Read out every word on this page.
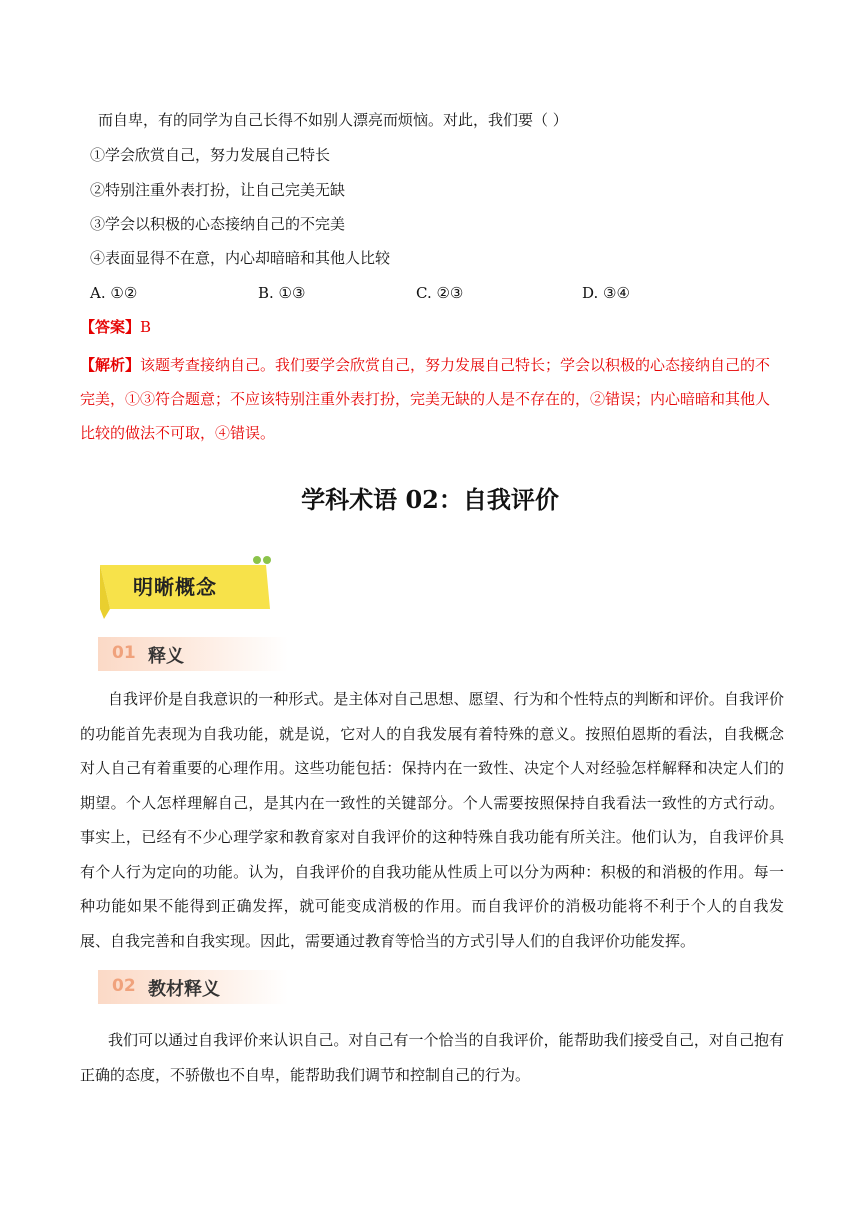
而自卑，有的同学为自己长得不如别人漂亮而烦恼。对此，我们要（ ）
①学会欣赏自己，努力发展自己特长
②特别注重外表打扮，让自己完美无缺
③学会以积极的心态接纳自己的不完美
④表面显得不在意，内心却暗暗和其他人比较
A. ①②	B. ①③	C. ②③	D. ③④
【答案】B
【解析】该题考查接纳自己。我们要学会欣赏自己，努力发展自己特长；学会以积极的心态接纳自己的不完美，①③符合题意；不应该特别注重外表打扮，完美无缺的人是不存在的，②错误；内心暗暗和其他人比较的做法不可取，④错误。
学科术语 02：自我评价
明晰概念
01 释义
自我评价是自我意识的一种形式。是主体对自己思想、愿望、行为和个性特点的判断和评价。自我评价的功能首先表现为自我功能，就是说，它对人的自我发展有着特殊的意义。按照伯恩斯的看法，自我概念对人自己有着重要的心理作用。这些功能包括：保持内在一致性、决定个人对经验怎样解释和决定人们的期望。个人怎样理解自己，是其内在一致性的关键部分。个人需要按照保持自我看法一致性的方式行动。事实上，已经有不少心理学家和教育家对自我评价的这种特殊自我功能有所关注。他们认为，自我评价具有个人行为定向的功能。认为，自我评价的自我功能从性质上可以分为两种：积极的和消极的作用。每一种功能如果不能得到正确发挥，就可能变成消极的作用。而自我评价的消极功能将不利于个人的自我发展、自我完善和自我实现。因此，需要通过教育等恰当的方式引导人们的自我评价功能发挥。
02 教材释义
我们可以通过自我评价来认识自己。对自己有一个恰当的自我评价，能帮助我们接受自己，对自己抱有正确的态度，不骄傲也不自卑，能帮助我们调节和控制自己的行为。
